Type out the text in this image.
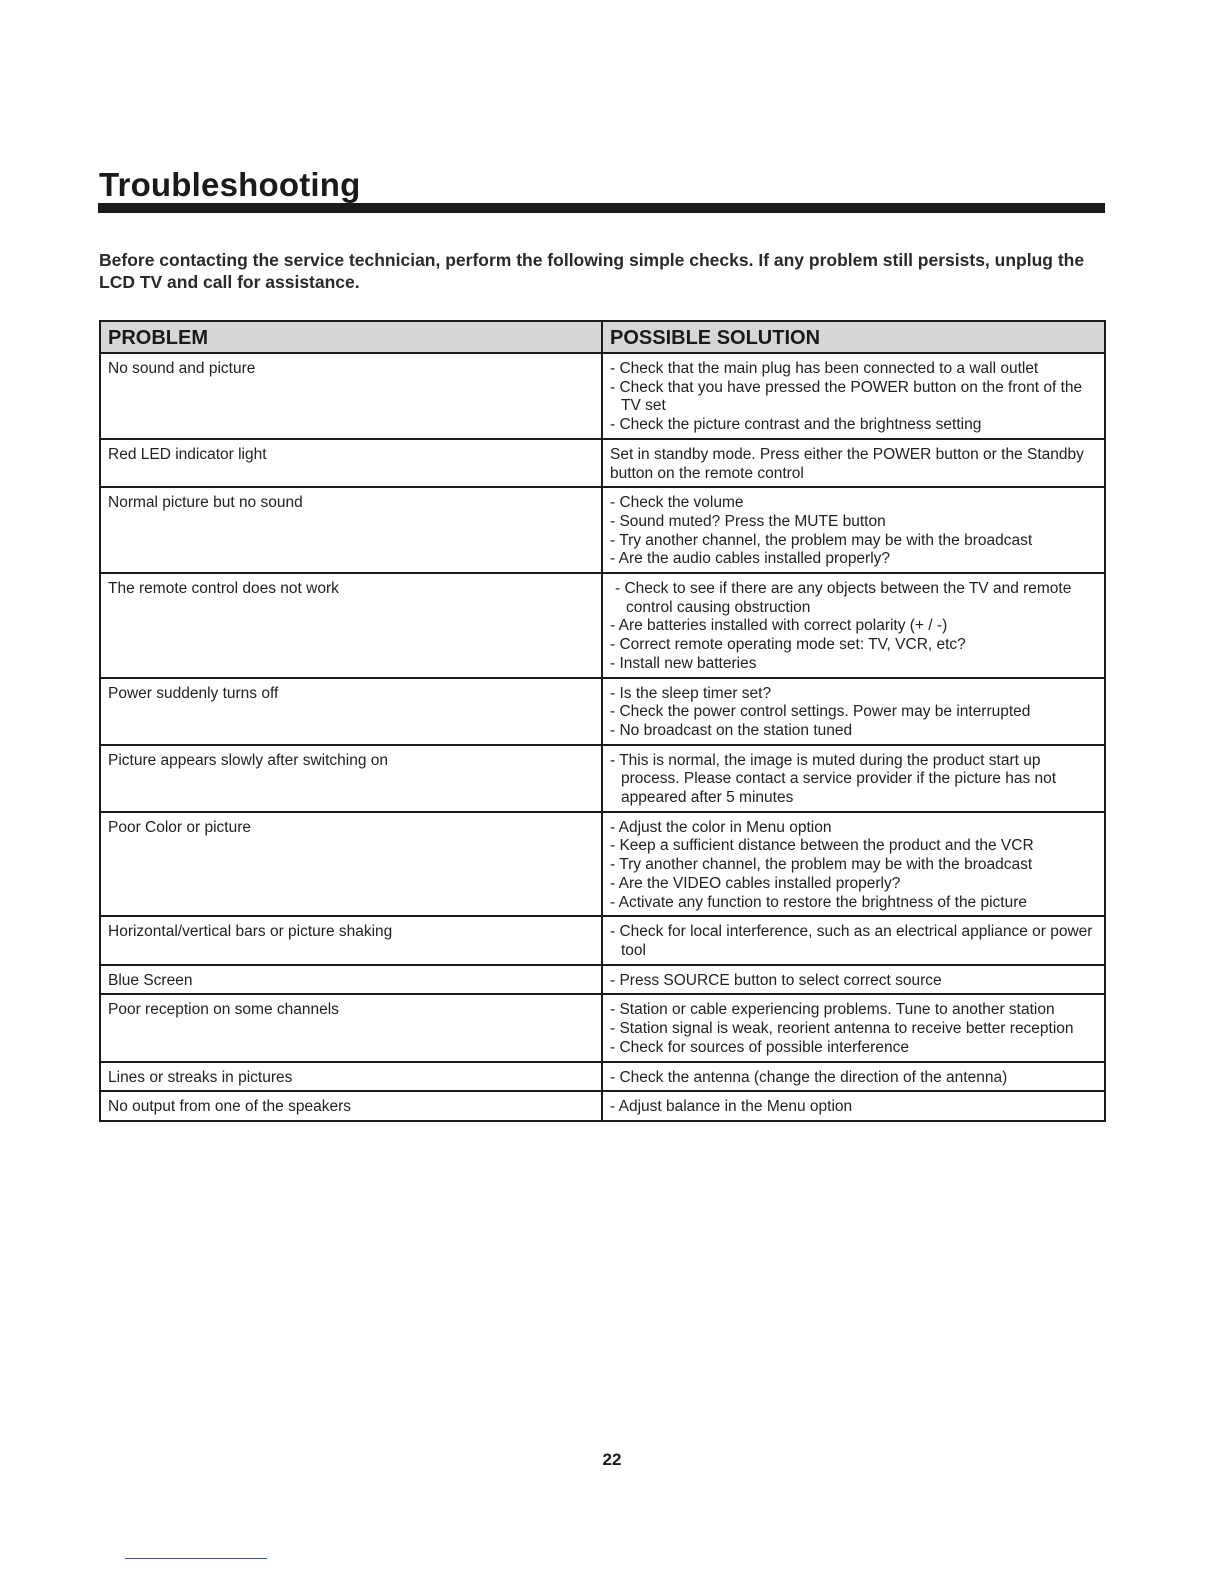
Troubleshooting

Before contacting the service technician, perform the following simple checks. If any problem still persists, unplug the LCD TV and call for assistance.

PROBLEM	POSSIBLE SOLUTION
No sound and picture	- Check that the main plug has been connected to a wall outlet
- Check that you have pressed the POWER button on the front of the TV set
- Check the picture contrast and the brightness setting

Red LED indicator light	Set in standby mode. Press either the POWER button or the Standby button on the remote control

Normal picture but no sound	- Check the volume
- Sound muted? Press the MUTE button
- Try another channel, the problem may be with the broadcast
- Are the audio cables installed properly?

The remote control does not work	- Check to see if there are any objects between the TV and remote control causing obstruction
- Are batteries installed with correct polarity (+ / -)
- Correct remote operating mode set: TV, VCR, etc?
- Install new batteries

Power suddenly turns off	- Is the sleep timer set?
- Check the power control settings. Power may be interrupted
- No broadcast on the station tuned

Picture appears slowly after switching on	- This is normal, the image is muted during the product start up process. Please contact a service provider if the picture has not appeared after 5 minutes

Poor Color or picture	- Adjust the color in Menu option
- Keep a sufficient distance between the product and the VCR
- Try another channel, the problem may be with the broadcast
- Are the VIDEO cables installed properly?
- Activate any function to restore the brightness of the picture

Horizontal/vertical bars or picture shaking	- Check for local interference, such as an electrical appliance or power tool

Blue Screen	- Press SOURCE button to select correct source

Poor reception on some channels	- Station or cable experiencing problems. Tune to another station
- Station signal is weak, reorient antenna to receive better reception
- Check for sources of possible interference

Lines or streaks in pictures	- Check the antenna (change the direction of the antenna)

No output from one of the speakers	- Adjust balance in the Menu option
22
